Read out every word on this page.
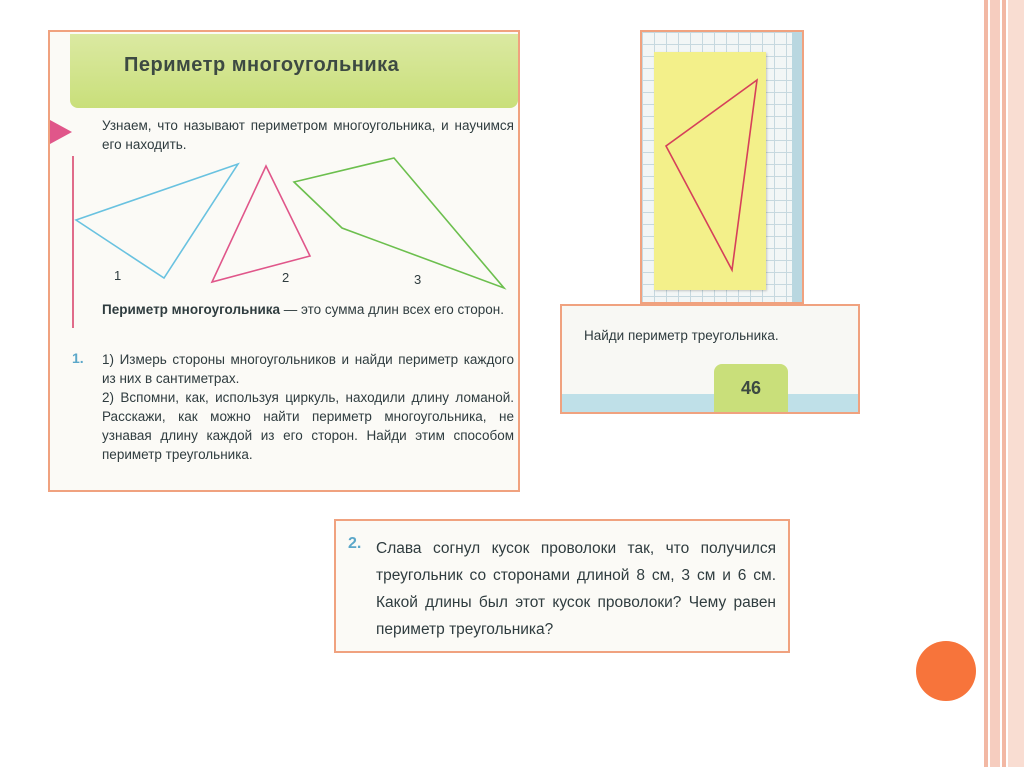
Периметр многоугольника
Узнаем, что называют периметром многоугольника, и научимся его находить.
1	2	3
Периметр многоугольника — это сумма длин всех его сторон.
1. 1) Измерь стороны многоугольников и найди периметр каждого из них в сантиметрах.

2) Вспомни, как, используя циркуль, находили длину ломаной. Расскажи, как можно найти периметр многоугольника, не узнавая длину каждой из его сторон. Найди этим способом периметр треугольника.

Найди периметр треугольника.
46
2. Слава согнул кусок проволоки так, что получился треугольник со сторонами длиной 8 см, 3 см и 6 см. Какой длины был этот кусок проволоки? Чему равен периметр треугольника?
